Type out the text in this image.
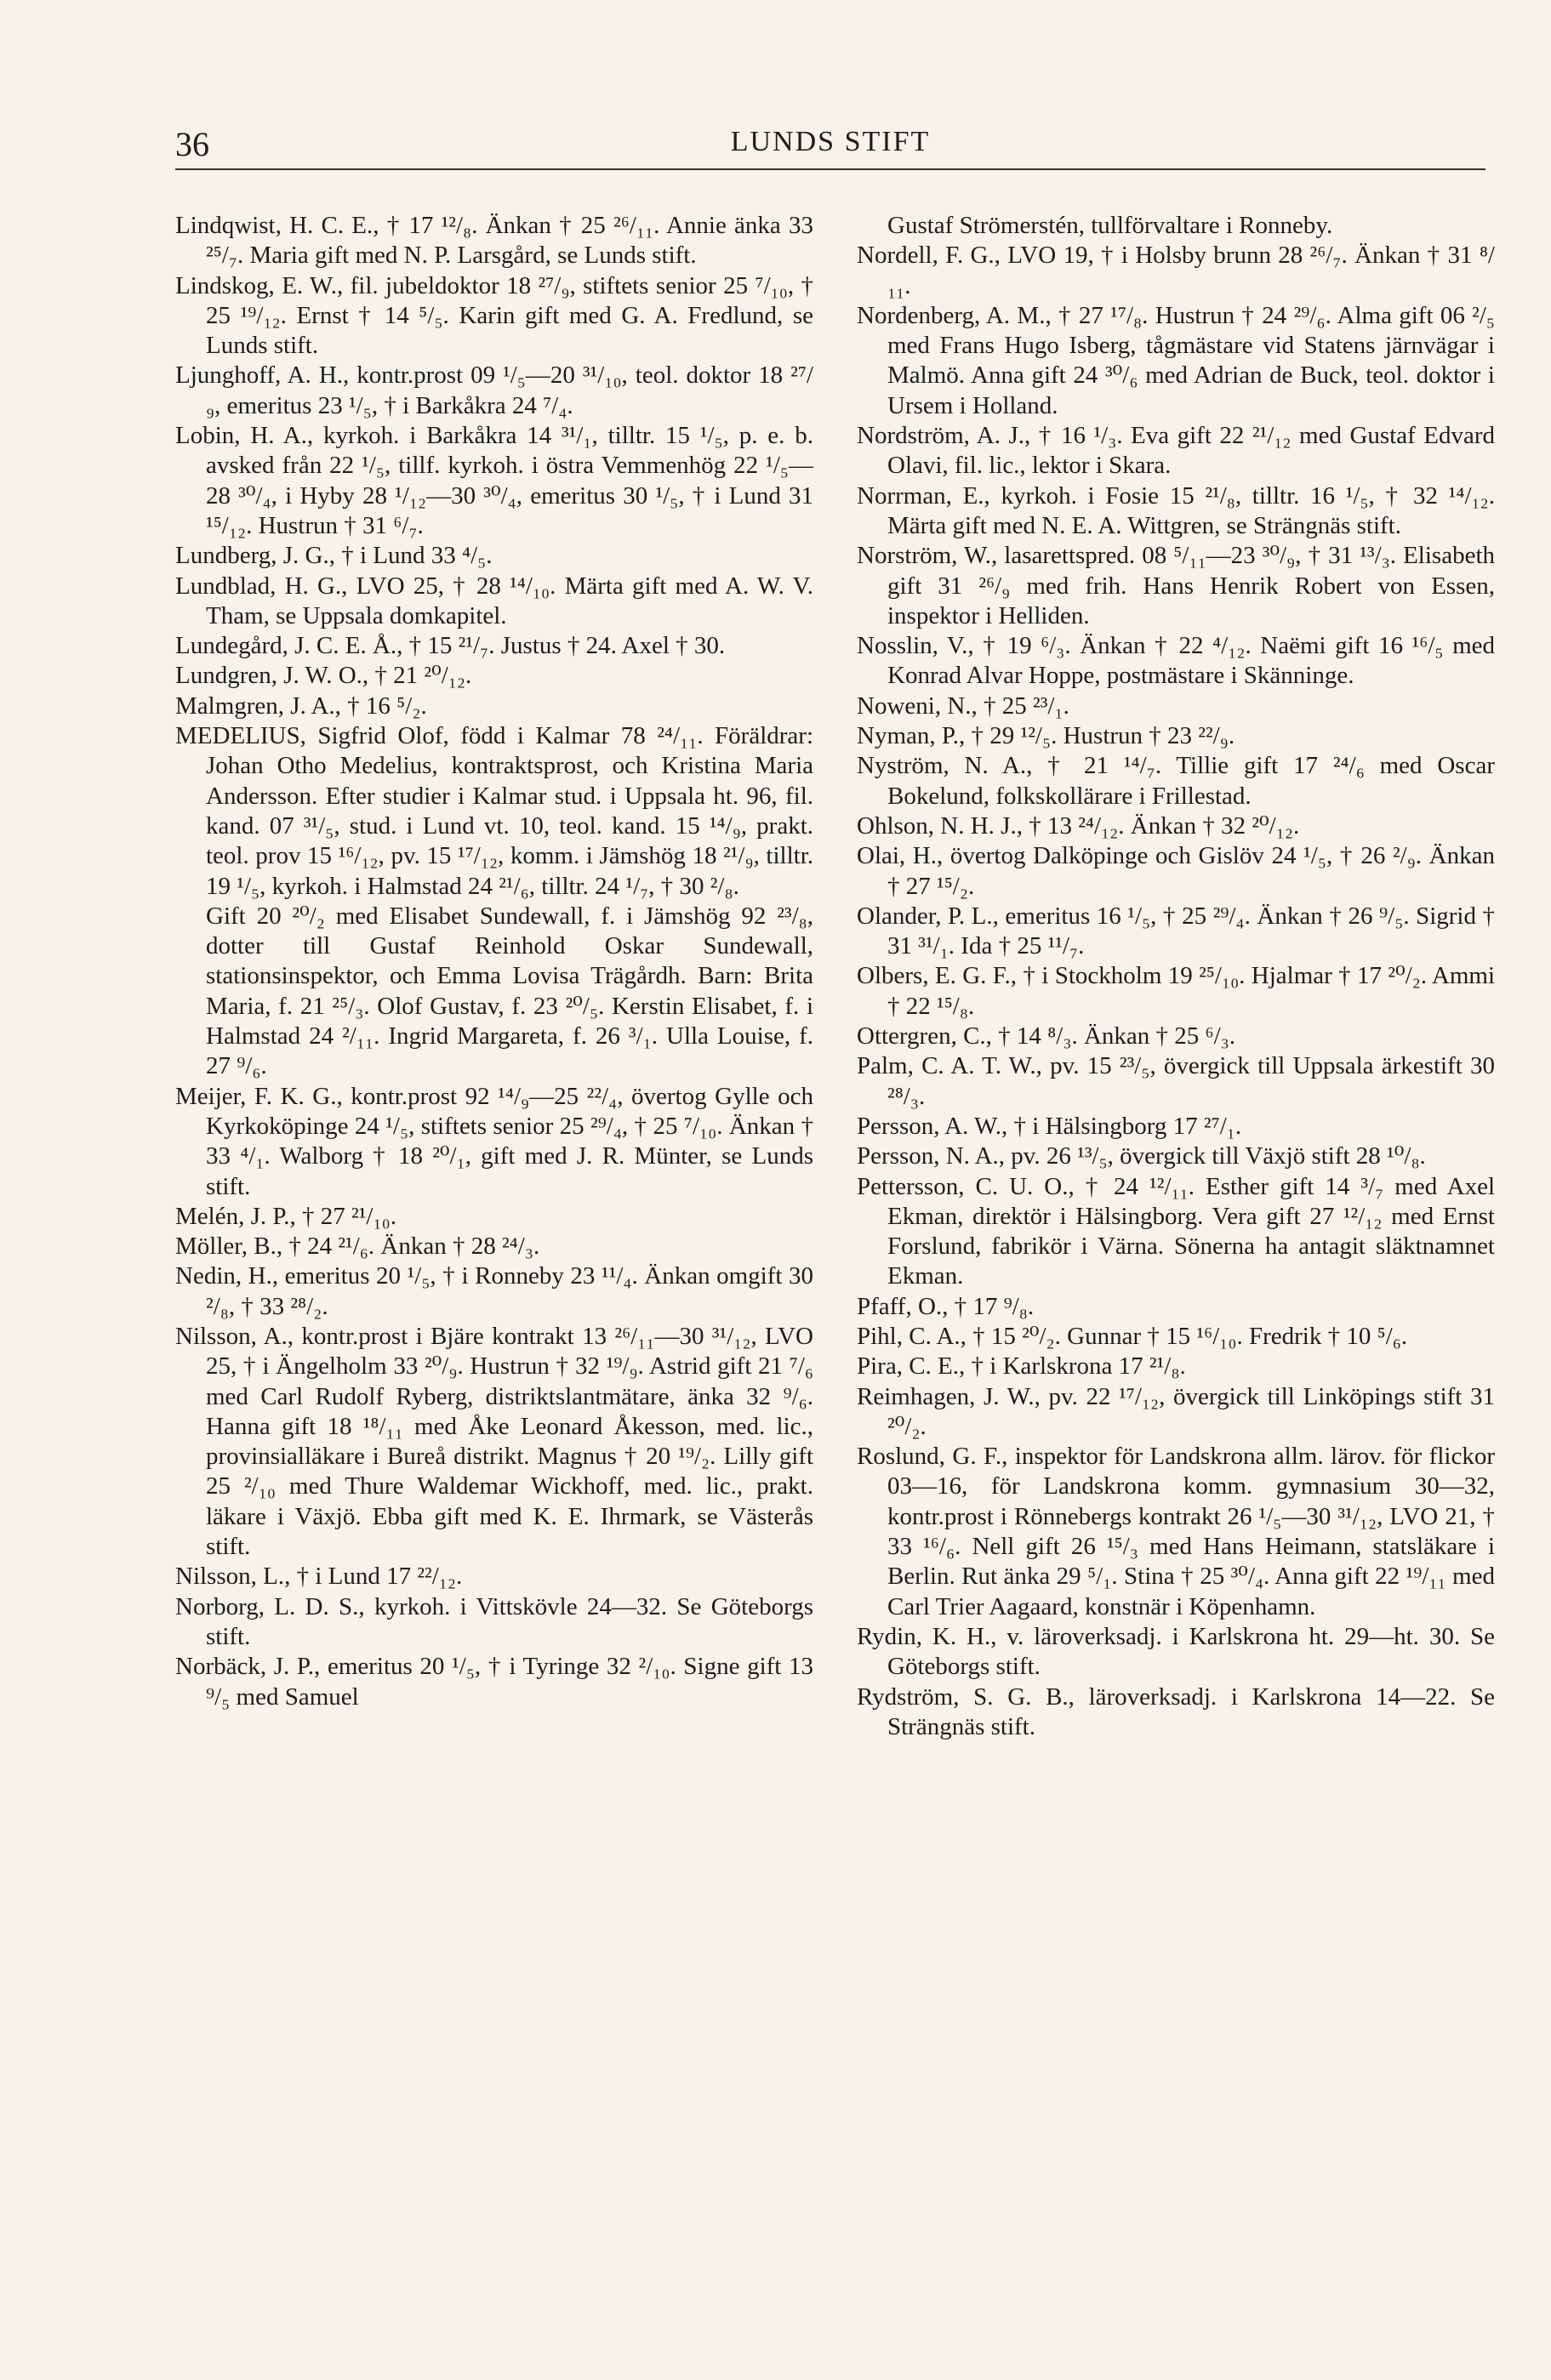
36	LUNDS STIFT

Lindqwist, H. C. E., † 17 ¹²/₈. Änkan † 25 ²⁶/₁₁. Annie änka 33 ²⁵/₇. Maria gift med N. P. Larsgård, se Lunds stift.

Lindskog, E. W., fil. jubeldoktor 18 ²⁷/₉, stiftets senior 25 ⁷/₁₀, † 25 ¹⁹/₁₂. Ernst † 14 ⁵/₅. Karin gift med G. A. Fredlund, se Lunds stift.

Ljunghoff, A. H., kontr.prost 09 ¹/₅—20 ³¹/₁₀, teol. doktor 18 ²⁷/₉, emeritus 23 ¹/₅, † i Barkåkra 24 ⁷/₄.

Lobin, H. A., kyrkoh. i Barkåkra 14 ³¹/₁, tilltr. 15 ¹/₅, p. e. b. avsked från 22 ¹/₅, tillf. kyrkoh. i östra Vemmenhög 22 ¹/₅—28 ³⁰/₄, i Hyby 28 ¹/₁₂—30 ³⁰/₄, emeritus 30 ¹/₅, † i Lund 31 ¹⁵/₁₂. Hustrun † 31 ⁶/₇.

Lundberg, J. G., † i Lund 33 ⁴/₅.

Lundblad, H. G., LVO 25, † 28 ¹⁴/₁₀. Märta gift med A. W. V. Tham, se Uppsala domkapitel.

Lundegård, J. C. E. Å., † 15 ²¹/₇. Justus † 24. Axel † 30.

Lundgren, J. W. O., † 21 ²⁰/₁₂.

Malmgren, J. A., † 16 ⁵/₂.

MEDELIUS, Sigfrid Olof, född i Kalmar 78 ²⁴/₁₁. Föräldrar: Johan Otho Medelius, kontraktsprost, och Kristina Maria Andersson. Efter studier i Kalmar stud. i Uppsala ht. 96, fil. kand. 07 ³¹/₅, stud. i Lund vt. 10, teol. kand. 15 ¹⁴/₉, prakt. teol. prov 15 ¹⁶/₁₂, pv. 15 ¹⁷/₁₂, komm. i Jämshög 18 ²¹/₉, tilltr. 19 ¹/₅, kyrkoh. i Halmstad 24 ²¹/₆, tilltr. 24 ¹/₇, † 30 ²/₈.

Gift 20 ²⁰/₂ med Elisabet Sundewall, f. i Jämshög 92 ²³/₈, dotter till Gustaf Reinhold Oskar Sundewall, stationsinspektor, och Emma Lovisa Trägårdh. Barn: Brita Maria, f. 21 ²⁵/₃. Olof Gustav, f. 23 ²⁰/₅. Kerstin Elisabet, f. i Halmstad 24 ²/₁₁. Ingrid Margareta, f. 26 ³/₁. Ulla Louise, f. 27 ⁹/₆.

Meijer, F. K. G., kontr.prost 92 ¹⁴/₉—25 ²²/₄, övertog Gylle och Kyrkoköpinge 24 ¹/₅, stiftets senior 25 ²⁹/₄, † 25 ⁷/₁₀. Änkan † 33 ⁴/₁. Walborg † 18 ²⁰/₁, gift med J. R. Münter, se Lunds stift.

Melén, J. P., † 27 ²¹/₁₀.

Möller, B., † 24 ²¹/₆. Änkan † 28 ²⁴/₃.

Nedin, H., emeritus 20 ¹/₅, † i Ronneby 23 ¹¹/₄. Änkan omgift 30 ²/₈, † 33 ²⁸/₂.

Nilsson, A., kontr.prost i Bjäre kontrakt 13 ²⁶/₁₁—30 ³¹/₁₂, LVO 25, † i Ängelholm 33 ²⁰/₉. Hustrun † 32 ¹⁹/₉. Astrid gift 21 ⁷/₆ med Carl Rudolf Ryberg, distriktslantmätare, änka 32 ⁹/₆. Hanna gift 18 ¹⁸/₁₁ med Åke Leonard Åkesson, med. lic., provinsialläkare i Bureå distrikt. Magnus † 20 ¹⁹/₂. Lilly gift 25 ²/₁₀ med Thure Waldemar Wickhoff, med. lic., prakt. läkare i Växjö. Ebba gift med K. E. Ihrmark, se Västerås stift.

Nilsson, L., † i Lund 17 ²²/₁₂.

Norborg, L. D. S., kyrkoh. i Vittskövle 24—32. Se Göteborgs stift.

Norbäck, J. P., emeritus 20 ¹/₅, † i Tyringe 32 ²/₁₀. Signe gift 13 ⁹/₅ med Samuel

Gustaf Strömerstén, tullförvaltare i Ronneby.

Nordell, F. G., LVO 19, † i Holsby brunn 28 ²⁶/₇. Änkan † 31 ⁸/₁₁.

Nordenberg, A. M., † 27 ¹⁷/₈. Hustrun † 24 ²⁹/₆. Alma gift 06 ²/₅ med Frans Hugo Isberg, tågmästare vid Statens järnvägar i Malmö. Anna gift 24 ³⁰/₆ med Adrian de Buck, teol. doktor i Ursem i Holland.

Nordström, A. J., † 16 ¹/₃. Eva gift 22 ²¹/₁₂ med Gustaf Edvard Olavi, fil. lic., lektor i Skara.

Norrman, E., kyrkoh. i Fosie 15 ²¹/₈, tilltr. 16 ¹/₅, † 32 ¹⁴/₁₂. Märta gift med N. E. A. Wittgren, se Strängnäs stift.

Norström, W., lasarettspred. 08 ⁵/₁₁—23 ³⁰/₉, † 31 ¹³/₃. Elisabeth gift 31 ²⁶/₉ med frih. Hans Henrik Robert von Essen, inspektor i Helliden.

Nosslin, V., † 19 ⁶/₃. Änkan † 22 ⁴/₁₂. Naëmi gift 16 ¹⁶/₅ med Konrad Alvar Hoppe, postmästare i Skänninge.

Noweni, N., † 25 ²³/₁.

Nyman, P., † 29 ¹²/₅. Hustrun † 23 ²²/₉.

Nyström, N. A., † 21 ¹⁴/₇. Tillie gift 17 ²⁴/₆ med Oscar Bokelund, folkskollärare i Frillestad.

Ohlson, N. H. J., † 13 ²⁴/₁₂. Änkan † 32 ²⁰/₁₂.

Olai, H., övertog Dalköpinge och Gislöv 24 ¹/₅, † 26 ²/₉. Änkan † 27 ¹⁵/₂.

Olander, P. L., emeritus 16 ¹/₅, † 25 ²⁹/₄. Änkan † 26 ⁹/₅. Sigrid † 31 ³¹/₁. Ida † 25 ¹¹/₇.

Olbers, E. G. F., † i Stockholm 19 ²⁵/₁₀. Hjalmar † 17 ²⁰/₂. Ammi † 22 ¹⁵/₈.

Ottergren, C., † 14 ⁸/₃. Änkan † 25 ⁶/₃.

Palm, C. A. T. W., pv. 15 ²³/₅, övergick till Uppsala ärkestift 30 ²⁸/₃.

Persson, A. W., † i Hälsingborg 17 ²⁷/₁.

Persson, N. A., pv. 26 ¹³/₅, övergick till Växjö stift 28 ¹⁰/₈.

Pettersson, C. U. O., † 24 ¹²/₁₁. Esther gift 14 ³/₇ med Axel Ekman, direktör i Hälsingborg. Vera gift 27 ¹²/₁₂ med Ernst Forslund, fabrikör i Värna. Sönerna ha antagit släktnamnet Ekman.

Pfaff, O., † 17 ⁹/₈.

Pihl, C. A., † 15 ²⁰/₂. Gunnar † 15 ¹⁶/₁₀. Fredrik † 10 ⁵/₆.

Pira, C. E., † i Karlskrona 17 ²¹/₈.

Reimhagen, J. W., pv. 22 ¹⁷/₁₂, övergick till Linköpings stift 31 ²⁰/₂.

Roslund, G. F., inspektor för Landskrona allm. lärov. för flickor 03—16, för Landskrona komm. gymnasium 30—32, kontr.prost i Rönnebergs kontrakt 26 ¹/₅—30 ³¹/₁₂, LVO 21, † 33 ¹⁶/₆. Nell gift 26 ¹⁵/₃ med Hans Heimann, statsläkare i Berlin. Rut änka 29 ⁵/₁. Stina † 25 ³⁰/₄. Anna gift 22 ¹⁹/₁₁ med Carl Trier Aagaard, konstnär i Köpenhamn.

Rydin, K. H., v. läroverksadj. i Karlskrona ht. 29—ht. 30. Se Göteborgs stift.

Rydström, S. G. B., läroverksadj. i Karlskrona 14—22. Se Strängnäs stift.
